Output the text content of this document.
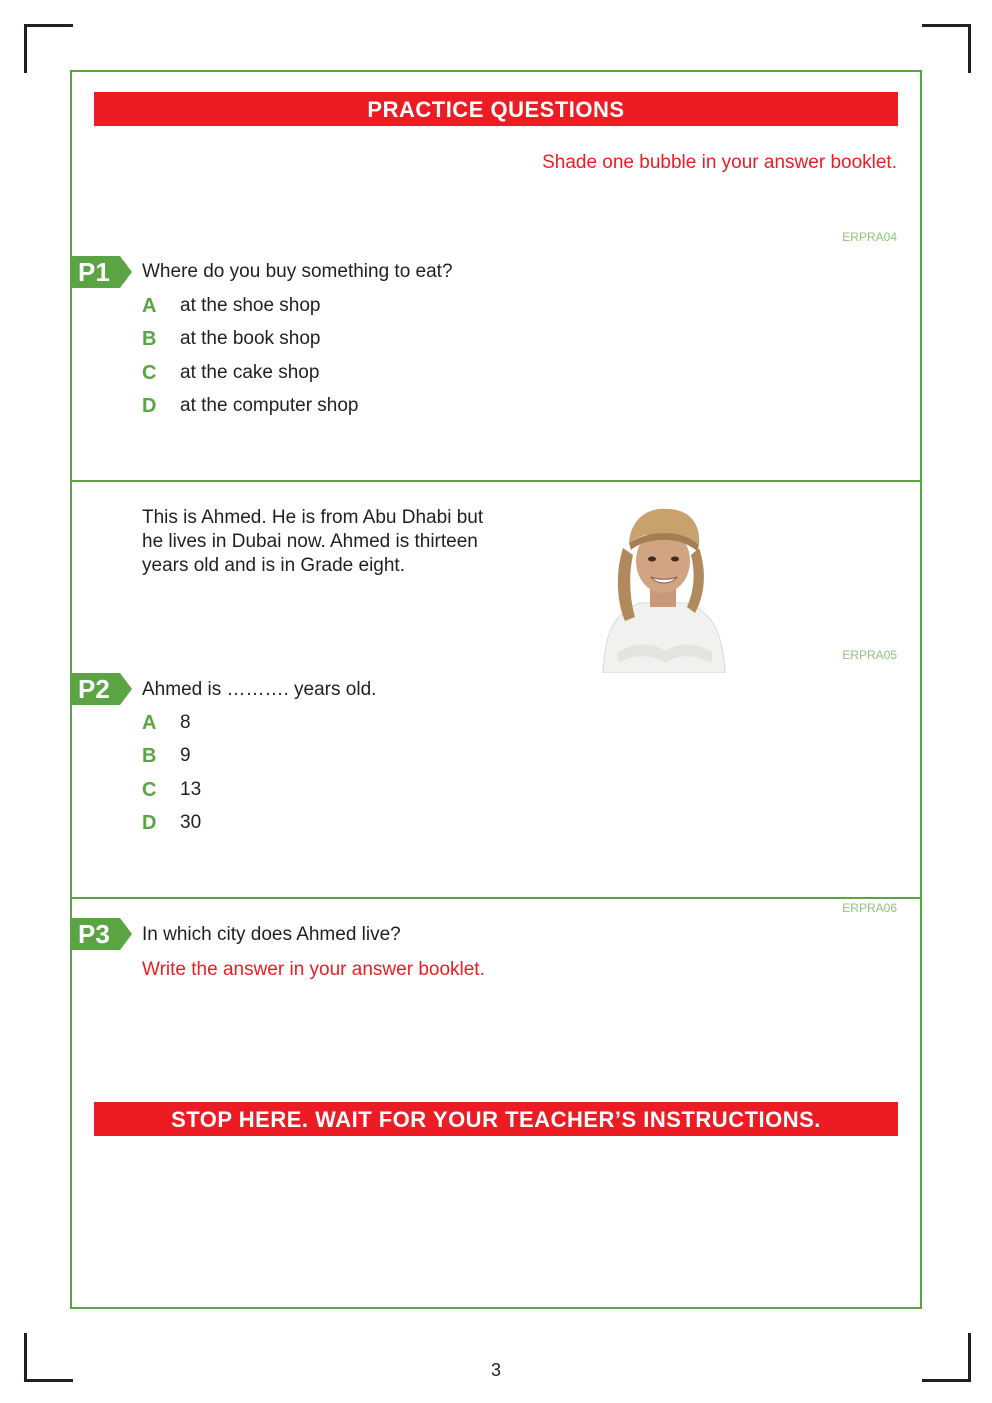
PRACTICE QUESTIONS
Shade one bubble in your answer booklet.
ERPRA04
P1 Where do you buy something to eat?
A	at the shoe shop
B	at the book shop
C	at the cake shop
D	at the computer shop
This is Ahmed. He is from Abu Dhabi but
he lives in Dubai now. Ahmed is thirteen
years old and is in Grade eight.
ERPRA05
P2 Ahmed is ………. years old.
A	8
B	9
C	13
D	30
ERPRA06
P3 In which city does Ahmed live?
Write the answer in your answer booklet.
STOP HERE. WAIT FOR YOUR TEACHER’S INSTRUCTIONS.
3
